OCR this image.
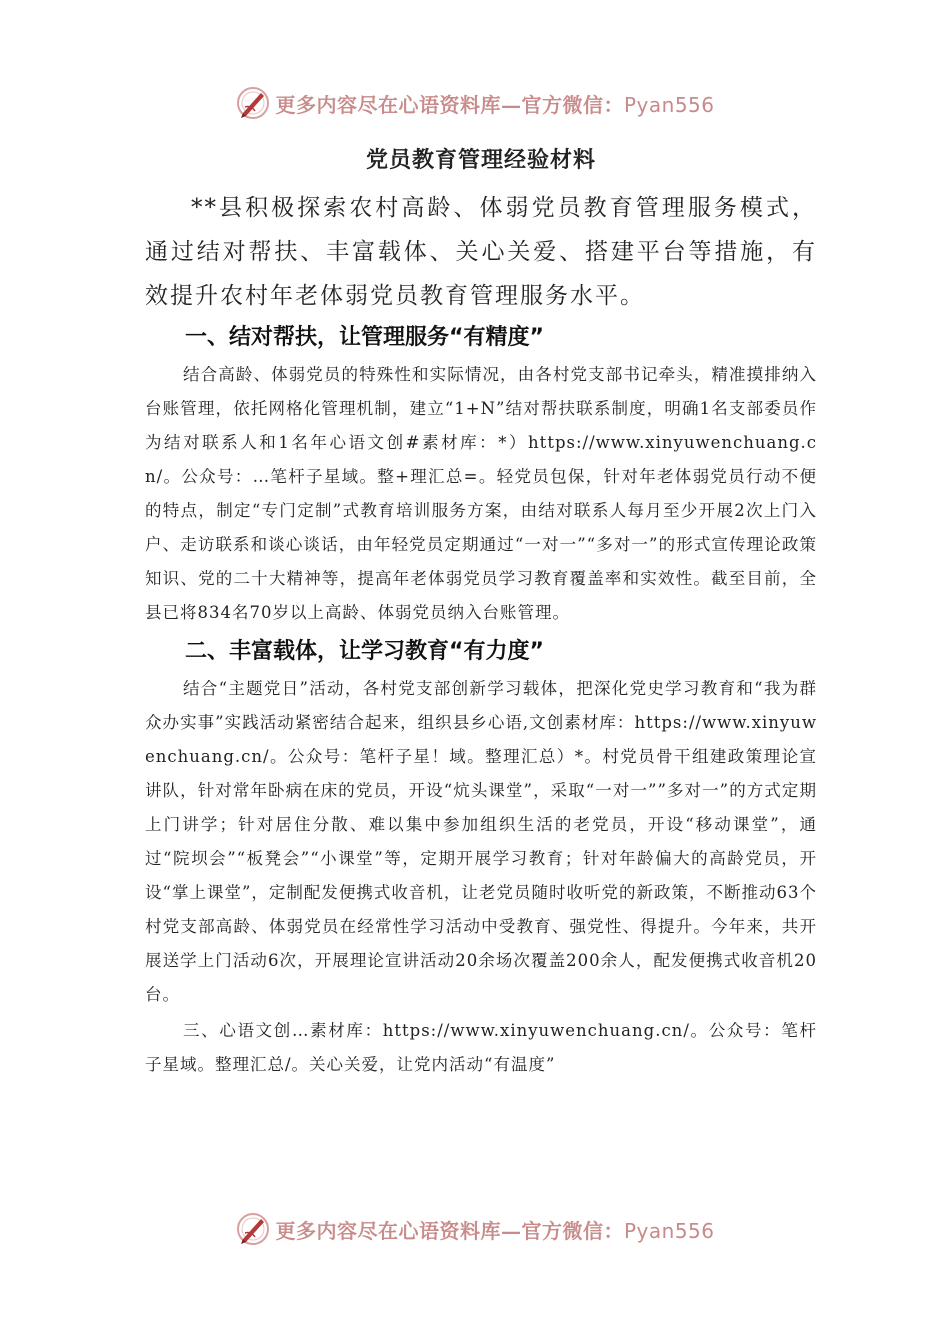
更多内容尽在心语资料库—官方微信：Pyan556
党员教育管理经验材料

**县积极探索农村高龄、体弱党员教育管理服务模式，通过结对帮扶、丰富载体、关心关爱、搭建平台等措施，有效提升农村年老体弱党员教育管理服务水平。

一、结对帮扶，让管理服务“有精度”

结合高龄、体弱党员的特殊性和实际情况，由各村党支部书记牵头，精准摸排纳入台账管理，依托网格化管理机制，建立“1+N”结对帮扶联系制度，明确1名支部委员作为结对联系人和1名年心语文创#素材库：*）https://www.xinyuwenchuang.cn/。公众号：…笔杆子星域。整+理汇总=。轻党员包保，针对年老体弱党员行动不便的特点，制定“专门定制”式教育培训服务方案，由结对联系人每月至少开展2次上门入户、走访联系和谈心谈话，由年轻党员定期通过“一对一”“多对一”的形式宣传理论政策知识、党的二十大精神等，提高年老体弱党员学习教育覆盖率和实效性。截至目前，全县已将834名70岁以上高龄、体弱党员纳入台账管理。

二、丰富载体，让学习教育“有力度”

结合“主题党日”活动，各村党支部创新学习载体，把深化党史学习教育和“我为群众办实事”实践活动紧密结合起来，组织县乡心语,文创素材库：https://www.xinyuwenchuang.cn/。公众号：笔杆子星！域。整理汇总）*。村党员骨干组建政策理论宣讲队，针对常年卧病在床的党员，开设“炕头课堂”，采取“一对一””多对一”的方式定期上门讲学；针对居住分散、难以集中参加组织生活的老党员，开设“移动课堂”，通过“院坝会”“板凳会”“小课堂”等，定期开展学习教育；针对年龄偏大的高龄党员，开设“掌上课堂”，定制配发便携式收音机，让老党员随时收听党的新政策，不断推动63个村党支部高龄、体弱党员在经常性学习活动中受教育、强党性、得提升。今年来，共开展送学上门活动6次，开展理论宣讲活动20余场次覆盖200余人，配发便携式收音机20台。

三、心语文创…素材库：https://www.xinyuwenchuang.cn/。公众号：笔杆子星域。整理汇总/。关心关爱，让党内活动“有温度”

更多内容尽在心语资料库—官方微信：Pyan556
